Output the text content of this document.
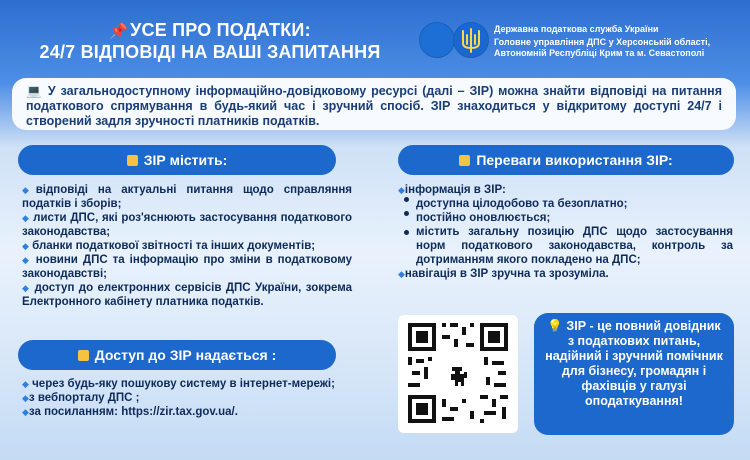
📌 УСЕ ПРО ПОДАТКИ:
24/7 ВІДПОВІДІ НА ВАШІ ЗАПИТАННЯ
Державна податкова служба України
Головне управління ДПС у Херсонській області,
Автономній Республіці Крим та м. Севастополі
💻 У загальнодоступному інформаційно-довідковому ресурсі (далі – ЗІР) можна знайти відповіді на питання податкового спрямування в будь-який час і зручний спосіб. ЗІР знаходиться у відкритому доступі 24/7 і створений задля зручності платників податків.
ЗІР містить:
◆відповіді на актуальні питання щодо справляння податків і зборів;
◆ листи ДПС, які роз'яснюють застосування податкового законодавства;
◆ бланки податкової звітності та інших документів;
◆ новини ДПС та інформацію про зміни в податковому законодавстві;
◆ доступ до електронних сервісів ДПС України, зокрема Електронного кабінету платника податків.
Доступ до ЗІР надається :
◆ через будь-яку пошукову систему в інтернет-мережі;
◆з вебпорталу ДПС ;
◆за посиланням: https://zir.tax.gov.ua/.
Переваги використання ЗІР:
◆інформація в ЗІР:
доступна цілодобово та безоплатно;
постійно оновлюється;
містить загальну позицію ДПС щодо застосування норм податкового законодавства, контроль за дотриманням якого покладено на ДПС;
◆навігація в ЗІР зручна та зрозуміла.
💡 ЗІР - це повний довідник з податкових питань, надійний і зручний помічник для бізнесу, громадян і фахівців у галузі оподаткування!
